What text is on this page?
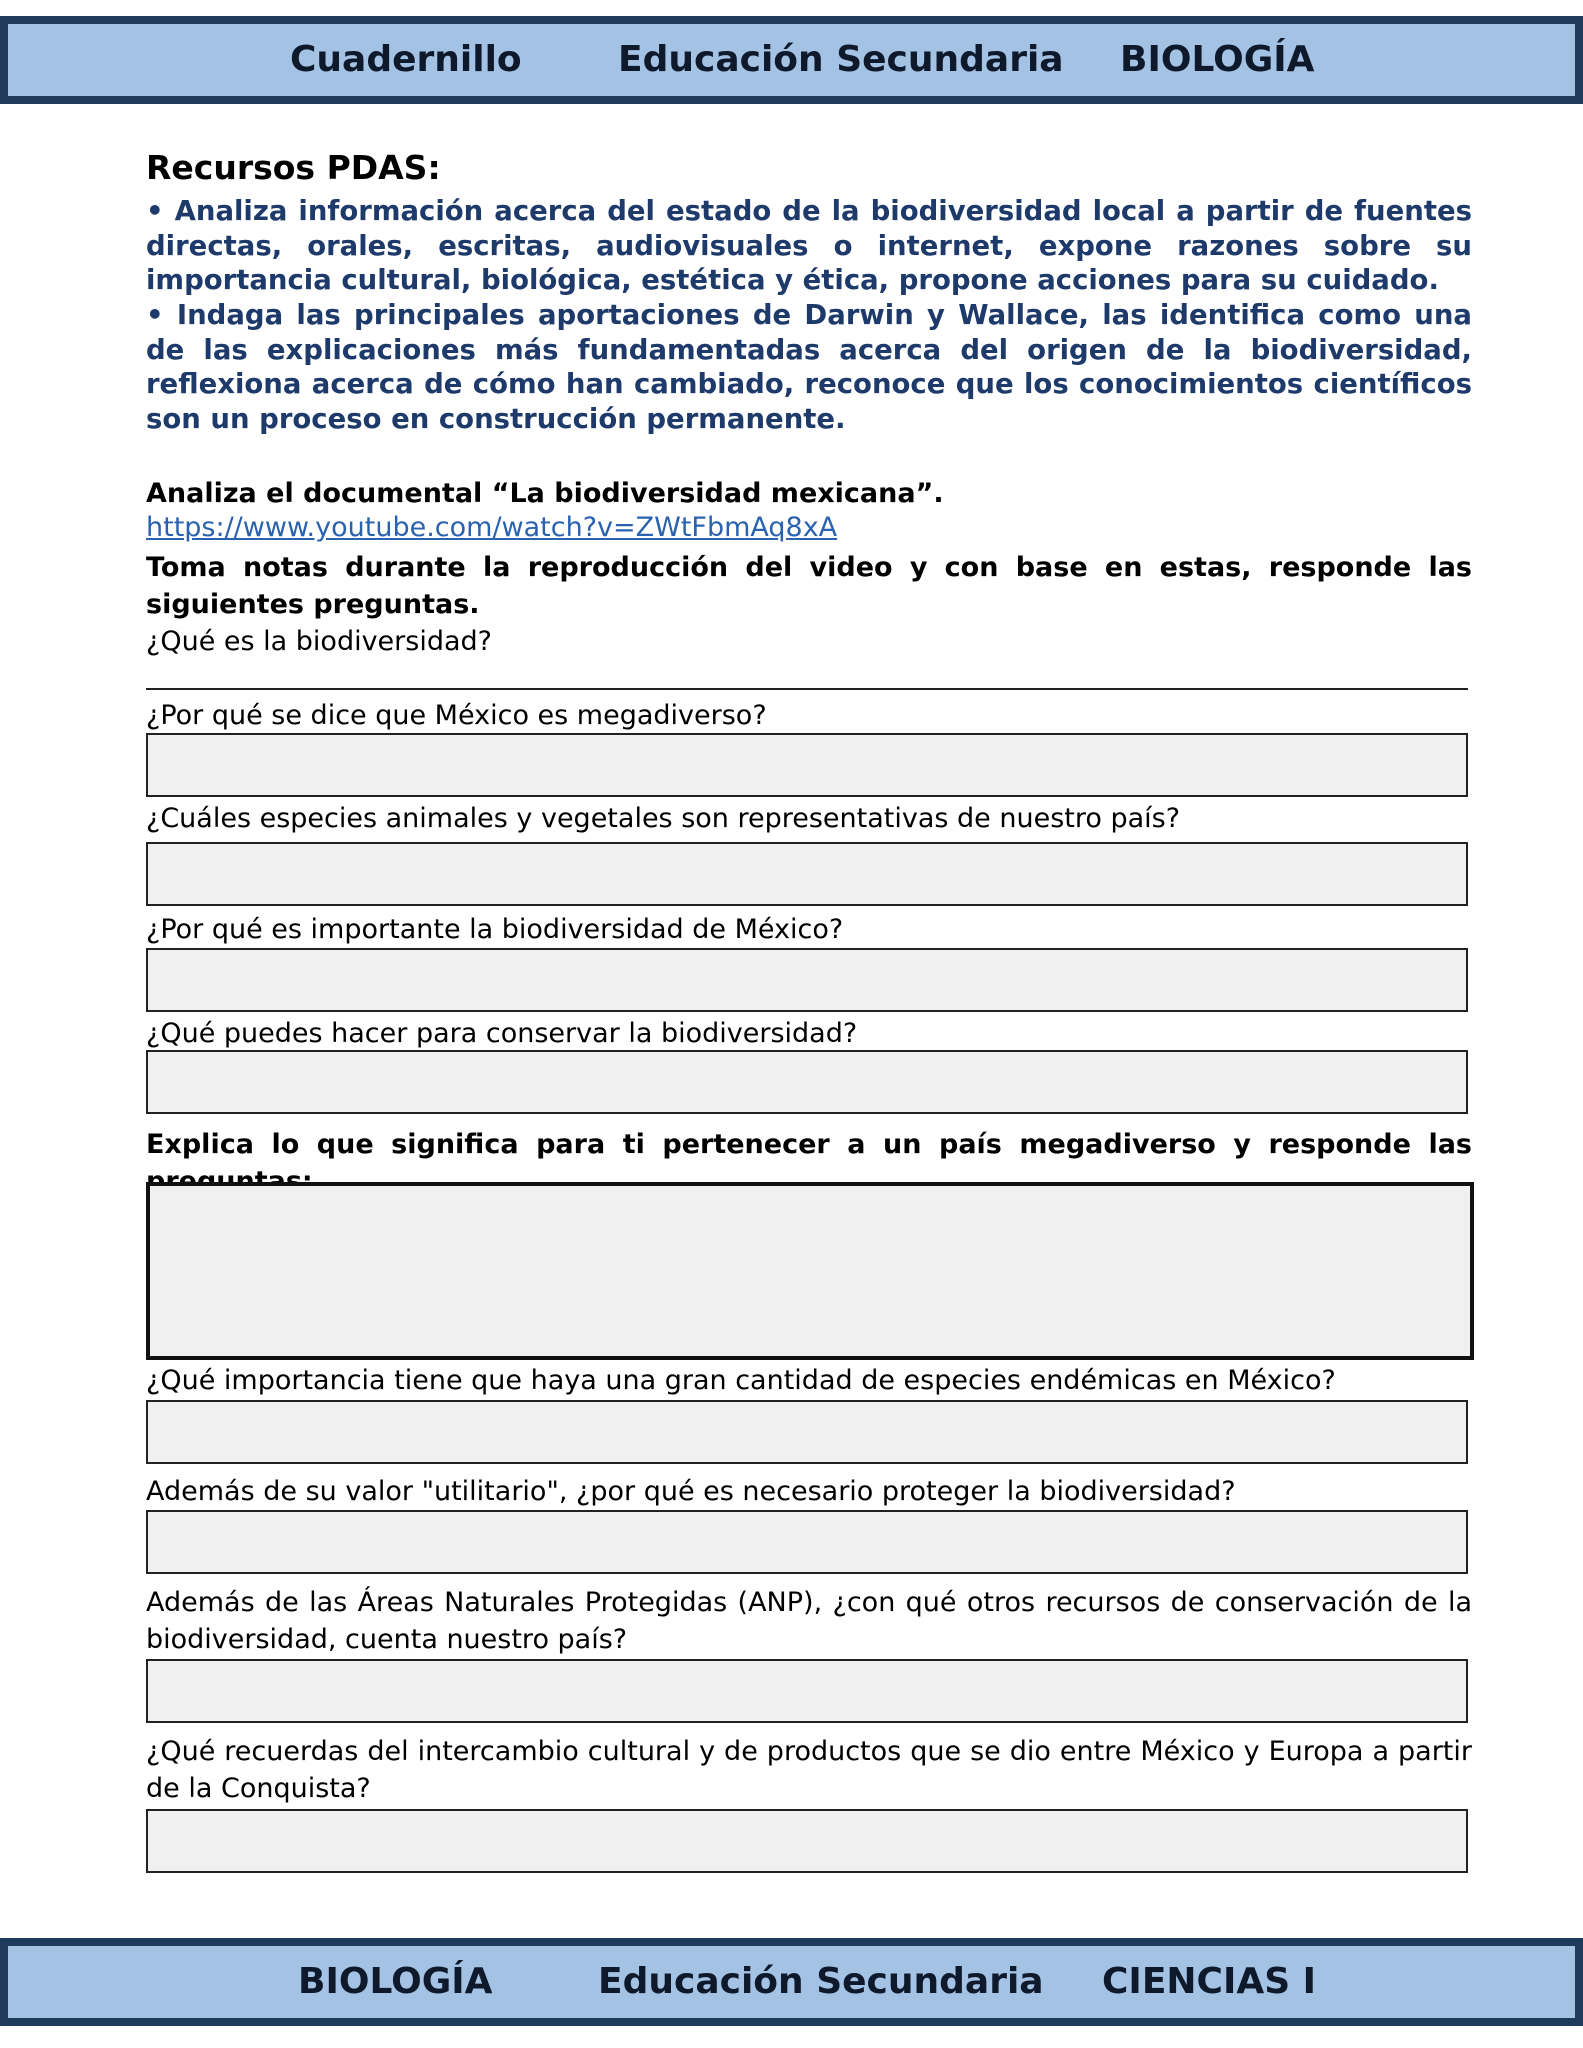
Cuadernillo	Educación Secundaria BIOLOGÍA
Recursos PDAS:
• Analiza información acerca del estado de la biodiversidad local a partir de fuentes directas, orales, escritas, audiovisuales o internet, expone razones sobre su importancia cultural, biológica, estética y ética, propone acciones para su cuidado.
• Indaga las principales aportaciones de Darwin y Wallace, las identifica como una de las explicaciones más fundamentadas acerca del origen de la biodiversidad, reflexiona acerca de cómo han cambiado, reconoce que los conocimientos científicos son un proceso en construcción permanente.
Analiza el documental “La biodiversidad mexicana”.
https://www.youtube.com/watch?v=ZWtFbmAq8xA
Toma notas durante la reproducción del video y con base en estas, responde las siguientes preguntas.
¿Qué es la biodiversidad?
¿Por qué se dice que México es megadiverso?
¿Cuáles especies animales y vegetales son representativas de nuestro país?
¿Por qué es importante la biodiversidad de México?
¿Qué puedes hacer para conservar la biodiversidad?
Explica lo que significa para ti pertenecer a un país megadiverso y responde las
¿Qué importancia tiene que haya una gran cantidad de especies endémicas en México?
Además de su valor "utilitario", ¿por qué es necesario proteger la biodiversidad?
Además de las Áreas Naturales Protegidas (ANP), ¿con qué otros recursos de conservación de la biodiversidad, cuenta nuestro país?
¿Qué recuerdas del intercambio cultural y de productos que se dio entre México y Europa a partir de la Conquista?
BIOLOGÍA	Educación Secundaria CIENCIAS I
